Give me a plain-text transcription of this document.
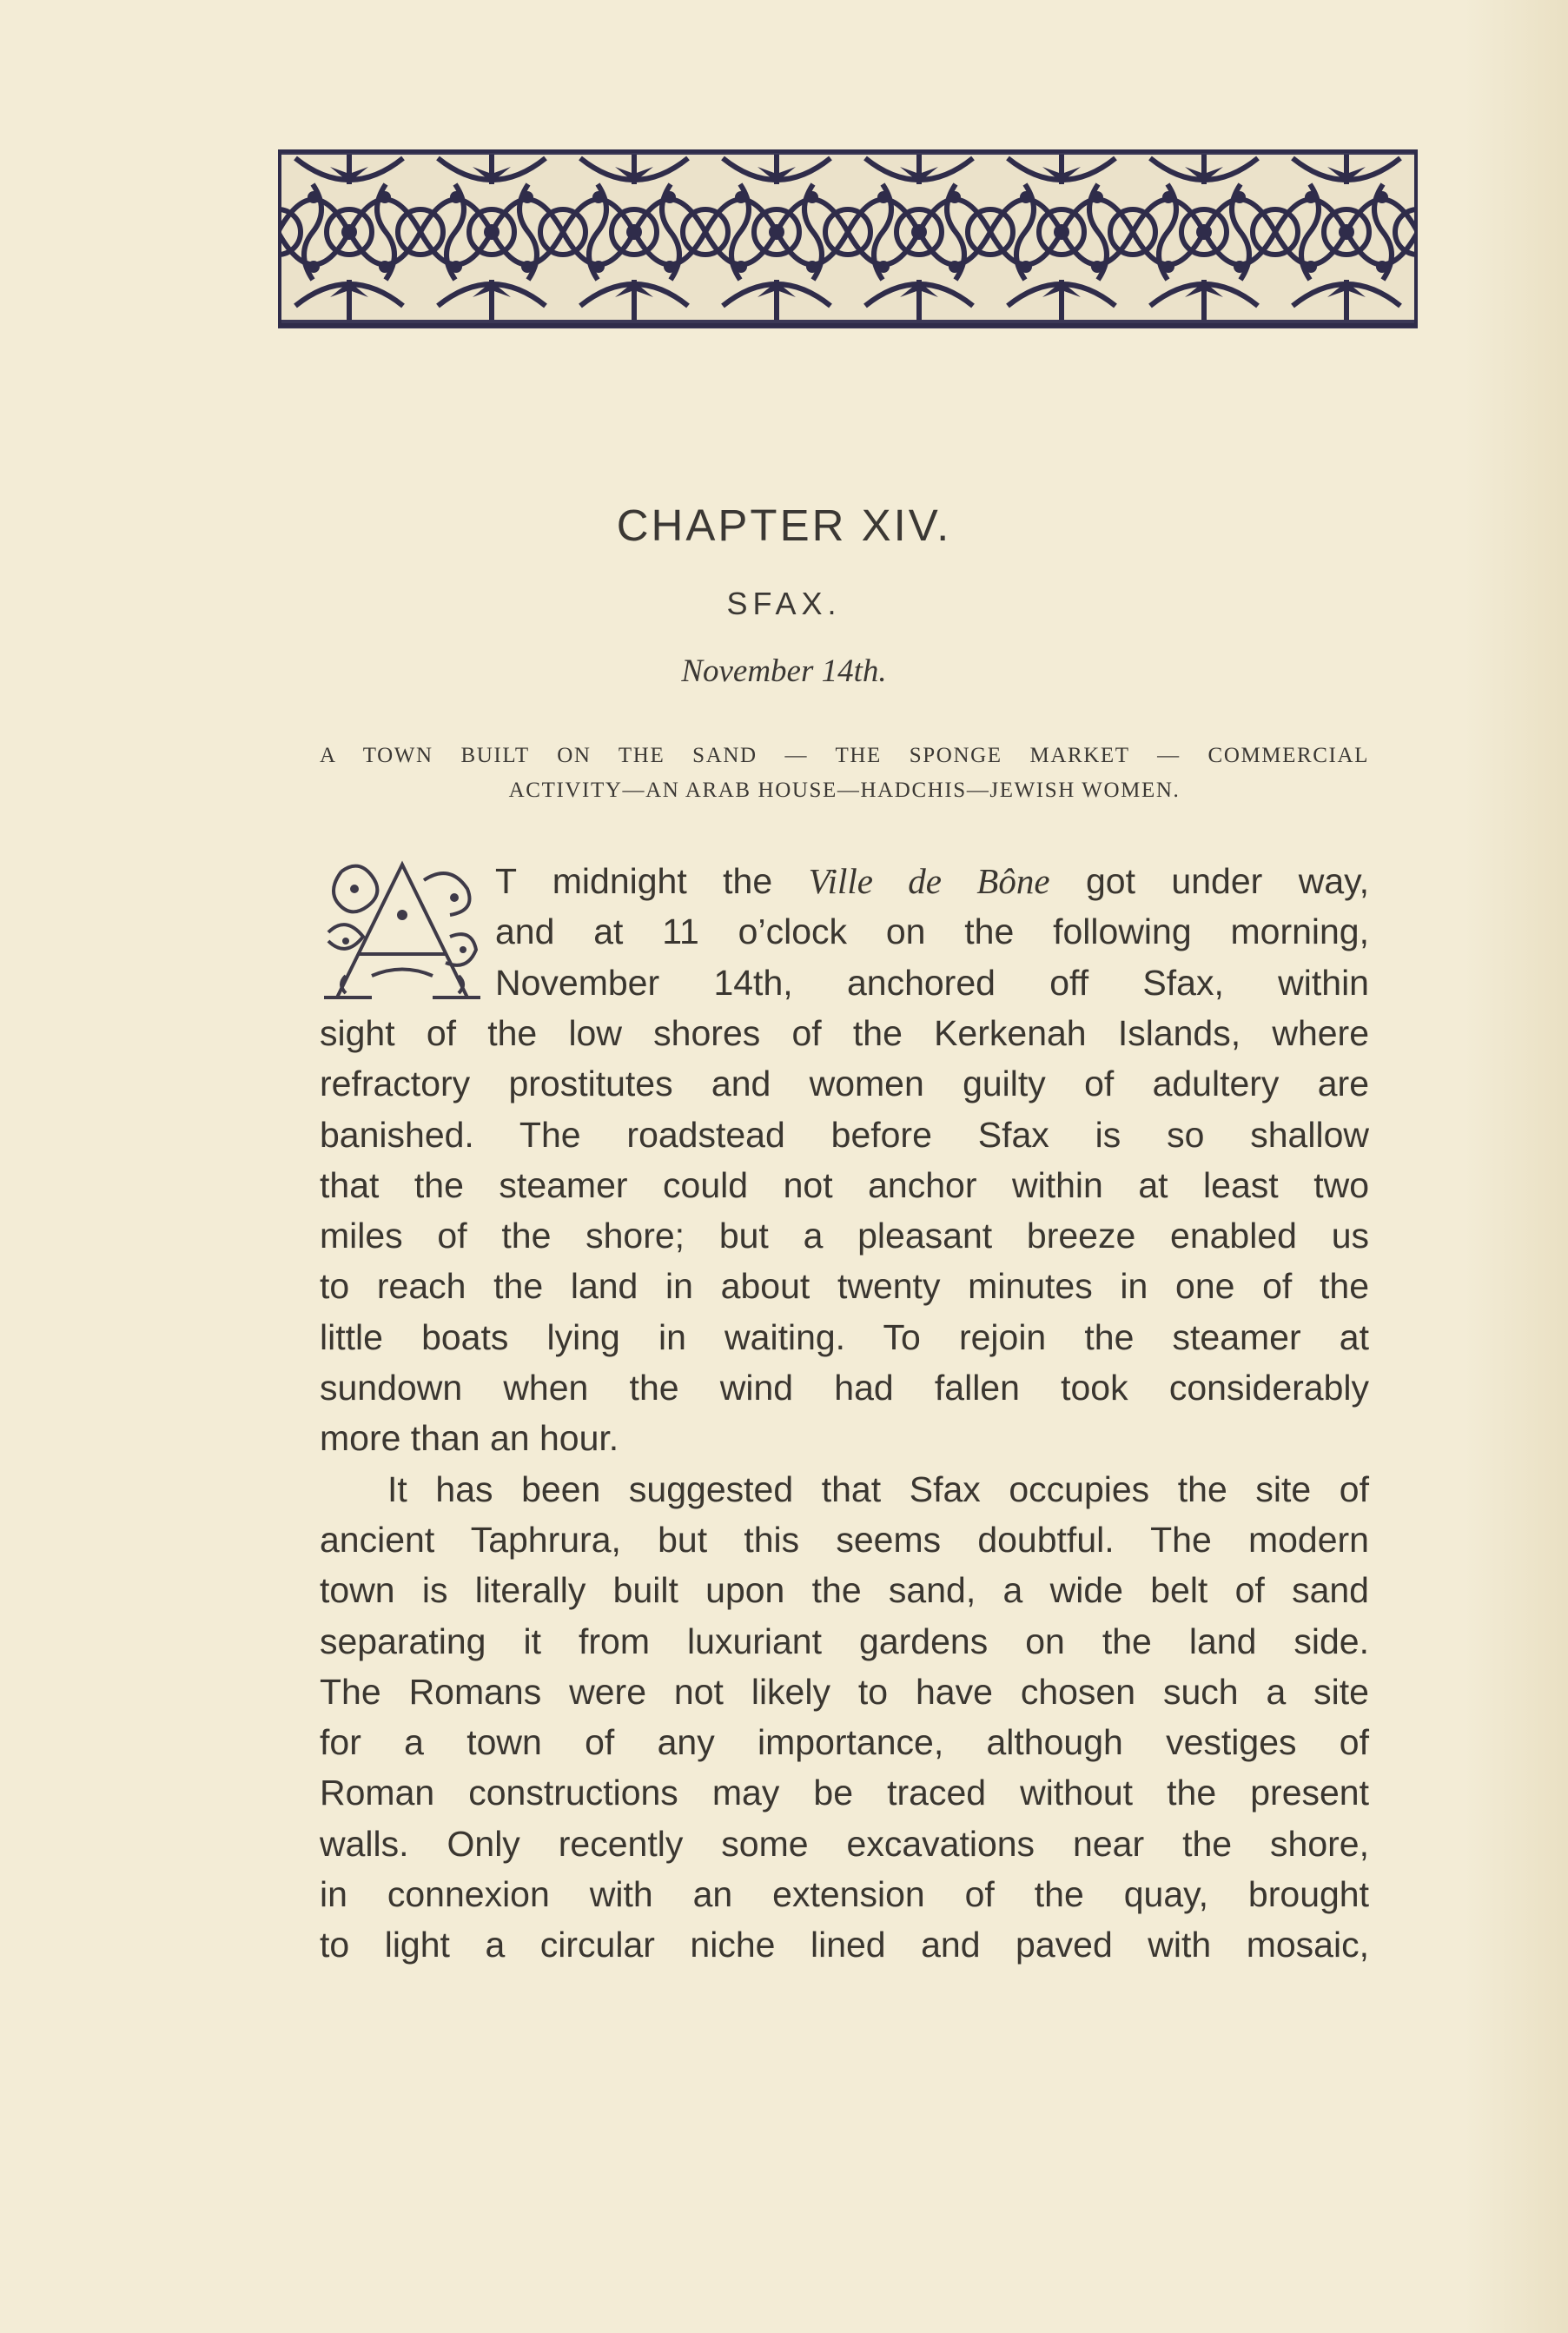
CHAPTER XIV.
SFAX.
November 14th.
A TOWN BUILT ON THE SAND — THE SPONGE MARKET — COMMERCIAL
ACTIVITY—AN ARAB HOUSE—HADCHIS—JEWISH WOMEN.

T midnight the Ville de Bône got under way,
and at 11 o’clock on the following morning,
November 14th, anchored off Sfax, within
sight of the low shores of the Kerkenah Islands, where
refractory prostitutes and women guilty of adultery are
banished. The roadstead before Sfax is so shallow
that the steamer could not anchor within at least two
miles of the shore; but a pleasant breeze enabled us
to reach the land in about twenty minutes in one of the
little boats lying in waiting. To rejoin the steamer at
sundown when the wind had fallen took considerably
more than an hour.

It has been suggested that Sfax occupies the site of
ancient Taphrura, but this seems doubtful. The modern
town is literally built upon the sand, a wide belt of sand
separating it from luxuriant gardens on the land side.
The Romans were not likely to have chosen such a site
for a town of any importance, although vestiges of
Roman constructions may be traced without the present
walls. Only recently some excavations near the shore,
in connexion with an extension of the quay, brought
to light a circular niche lined and paved with mosaic,
